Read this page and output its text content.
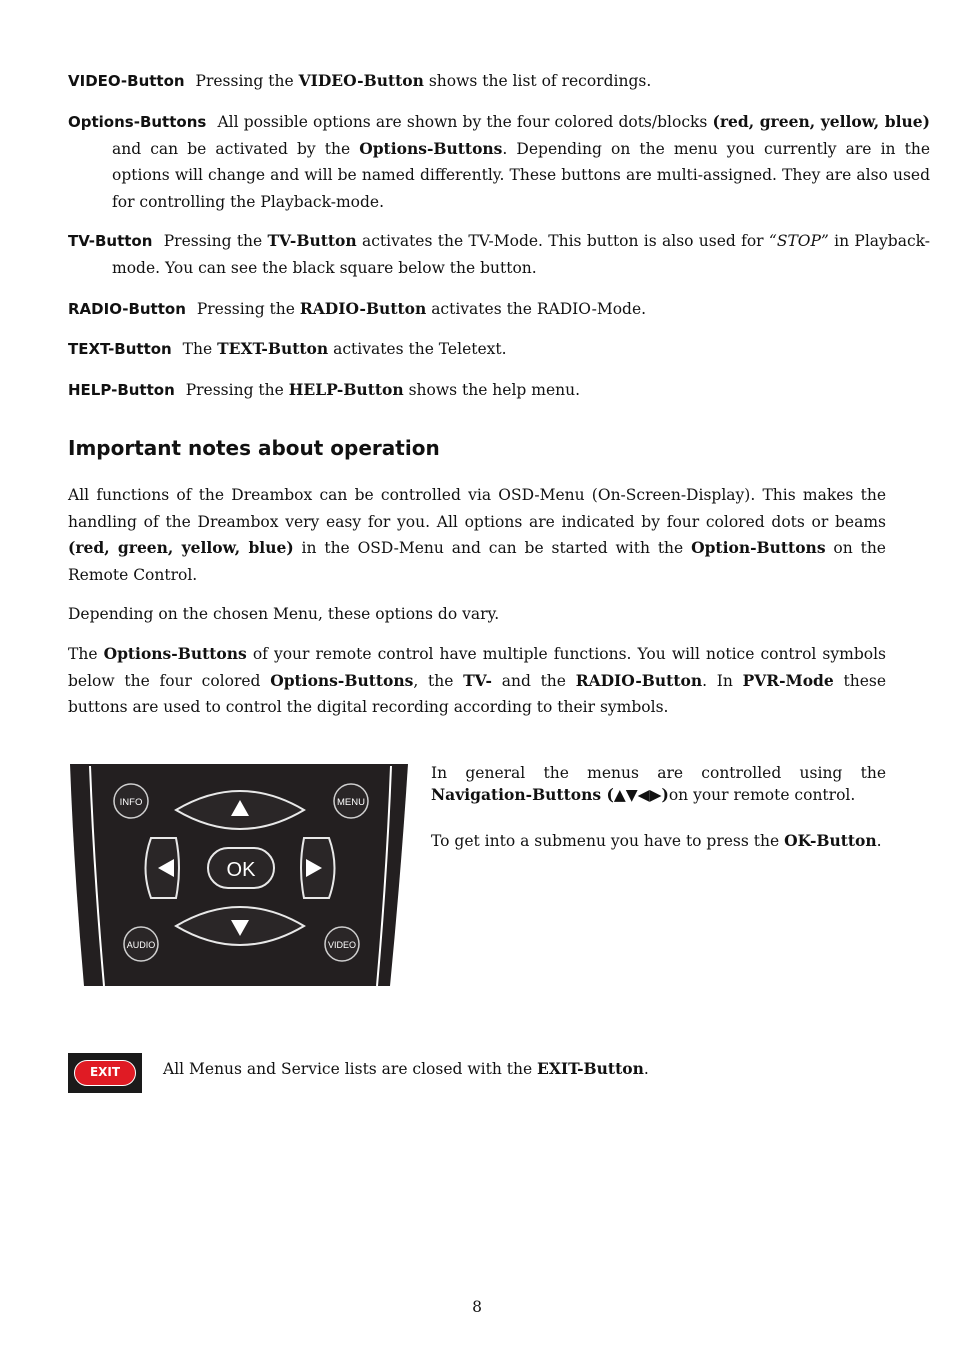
VIDEO-Button Pressing the VIDEO-Button shows the list of recordings.
Options-Buttons All possible options are shown by the four colored dots/blocks (red, green, yellow, blue) and can be activated by the Options-Buttons. Depending on the menu you currently are in the options will change and will be named differently. These buttons are multi-assigned. They are also used for controlling the Playback-mode.
TV-Button Pressing the TV-Button activates the TV-Mode. This button is also used for “STOP” in Playback-mode. You can see the black square below the button.
RADIO-Button Pressing the RADIO-Button activates the RADIO-Mode.
TEXT-Button The TEXT-Button activates the Teletext.
HELP-Button Pressing the HELP-Button shows the help menu.
Important notes about operation
All functions of the Dreambox can be controlled via OSD-Menu (On-Screen-Display). This makes the handling of the Dreambox very easy for you. All options are indicated by four colored dots or beams (red, green, yellow, blue) in the OSD-Menu and can be started with the Option-Buttons on the Remote Control.
Depending on the chosen Menu, these options do vary.
The Options-Buttons of your remote control have multiple functions. You will notice control symbols below the four colored Options-Buttons, the TV- and the RADIO-Button. In PVR-Mode these buttons are used to control the digital recording according to their symbols.
INFO	MENU
OK
AUDIO	VIDEO
In general the menus are controlled using the Navigation-Buttons (▲▼◀▶)on your remote control.
To get into a submenu you have to press the OK-Button.
EXIT	All Menus and Service lists are closed with the EXIT-Button.
8
